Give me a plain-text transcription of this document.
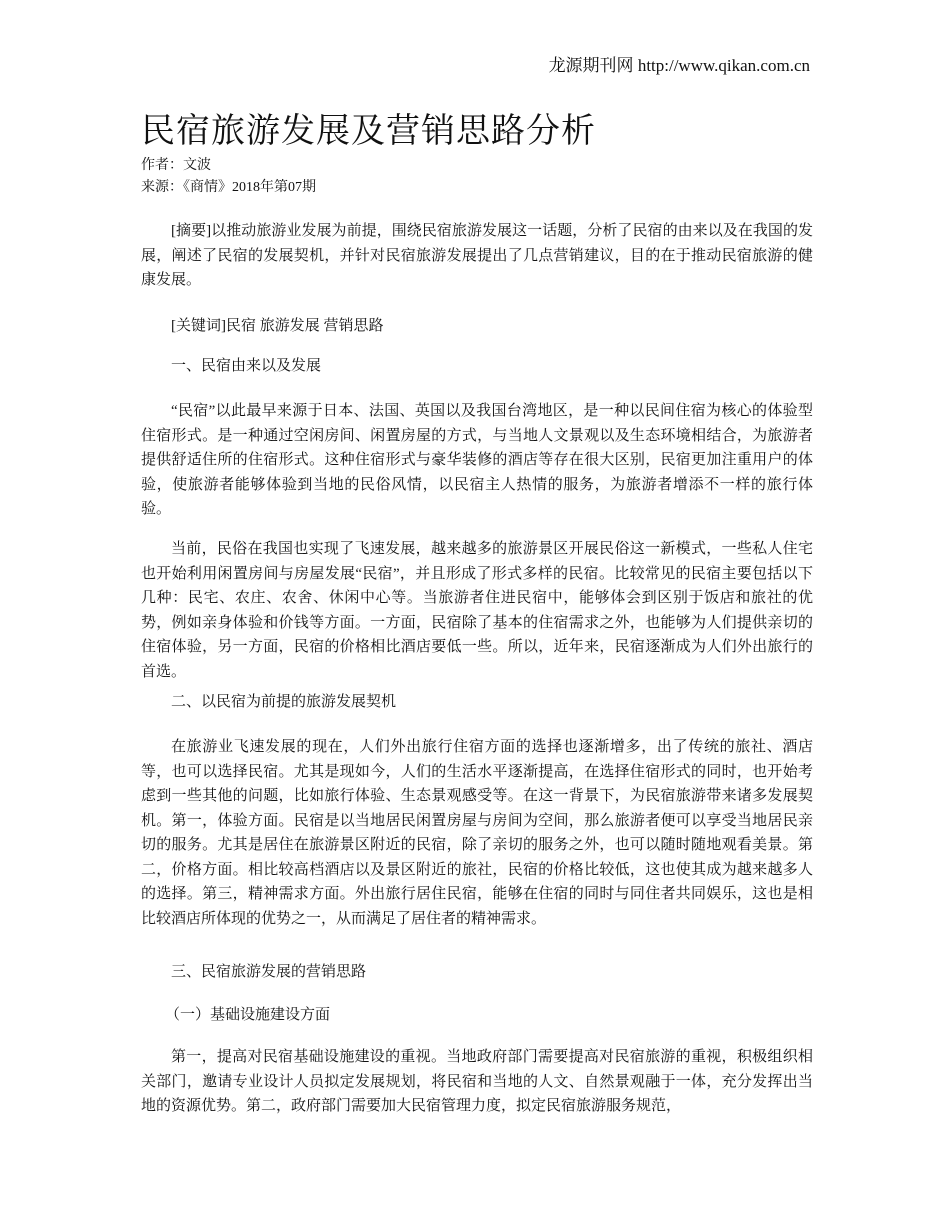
龙源期刊网 http://www.qikan.com.cn
民宿旅游发展及营销思路分析
作者：文波
来源：《商情》2018年第07期

[摘要]以推动旅游业发展为前提，围绕民宿旅游发展这一话题，分析了民宿的由来以及在我国的发展，阐述了民宿的发展契机，并针对民宿旅游发展提出了几点营销建议，目的在于推动民宿旅游的健康发展。

[关键词]民宿 旅游发展 营销思路

一、民宿由来以及发展

“民宿”以此最早来源于日本、法国、英国以及我国台湾地区，是一种以民间住宿为核心的体验型住宿形式。是一种通过空闲房间、闲置房屋的方式，与当地人文景观以及生态环境相结合，为旅游者提供舒适住所的住宿形式。这种住宿形式与豪华装修的酒店等存在很大区别，民宿更加注重用户的体验，使旅游者能够体验到当地的民俗风情，以民宿主人热情的服务，为旅游者增添不一样的旅行体验。

当前，民俗在我国也实现了飞速发展，越来越多的旅游景区开展民俗这一新模式，一些私人住宅也开始利用闲置房间与房屋发展“民宿”，并且形成了形式多样的民宿。比较常见的民宿主要包括以下几种：民宅、农庄、农舍、休闲中心等。当旅游者住进民宿中，能够体会到区别于饭店和旅社的优势，例如亲身体验和价钱等方面。一方面，民宿除了基本的住宿需求之外，也能够为人们提供亲切的住宿体验，另一方面，民宿的价格相比酒店要低一些。所以，近年来，民宿逐渐成为人们外出旅行的首选。

二、以民宿为前提的旅游发展契机

在旅游业飞速发展的现在，人们外出旅行住宿方面的选择也逐渐增多，出了传统的旅社、酒店等，也可以选择民宿。尤其是现如今，人们的生活水平逐渐提高，在选择住宿形式的同时，也开始考虑到一些其他的问题，比如旅行体验、生态景观感受等。在这一背景下，为民宿旅游带来诸多发展契机。第一，体验方面。民宿是以当地居民闲置房屋与房间为空间，那么旅游者便可以享受当地居民亲切的服务。尤其是居住在旅游景区附近的民宿，除了亲切的服务之外，也可以随时随地观看美景。第二，价格方面。相比较高档酒店以及景区附近的旅社，民宿的价格比较低，这也使其成为越来越多人的选择。第三，精神需求方面。外出旅行居住民宿，能够在住宿的同时与同住者共同娱乐，这也是相比较酒店所体现的优势之一，从而满足了居住者的精神需求。

三、民宿旅游发展的营销思路

（一）基础设施建设方面

第一，提高对民宿基础设施建设的重视。当地政府部门需要提高对民宿旅游的重视，积极组织相关部门，邀请专业设计人员拟定发展规划，将民宿和当地的人文、自然景观融于一体，充分发挥出当地的资源优势。第二，政府部门需要加大民宿管理力度，拟定民宿旅游服务规范，
